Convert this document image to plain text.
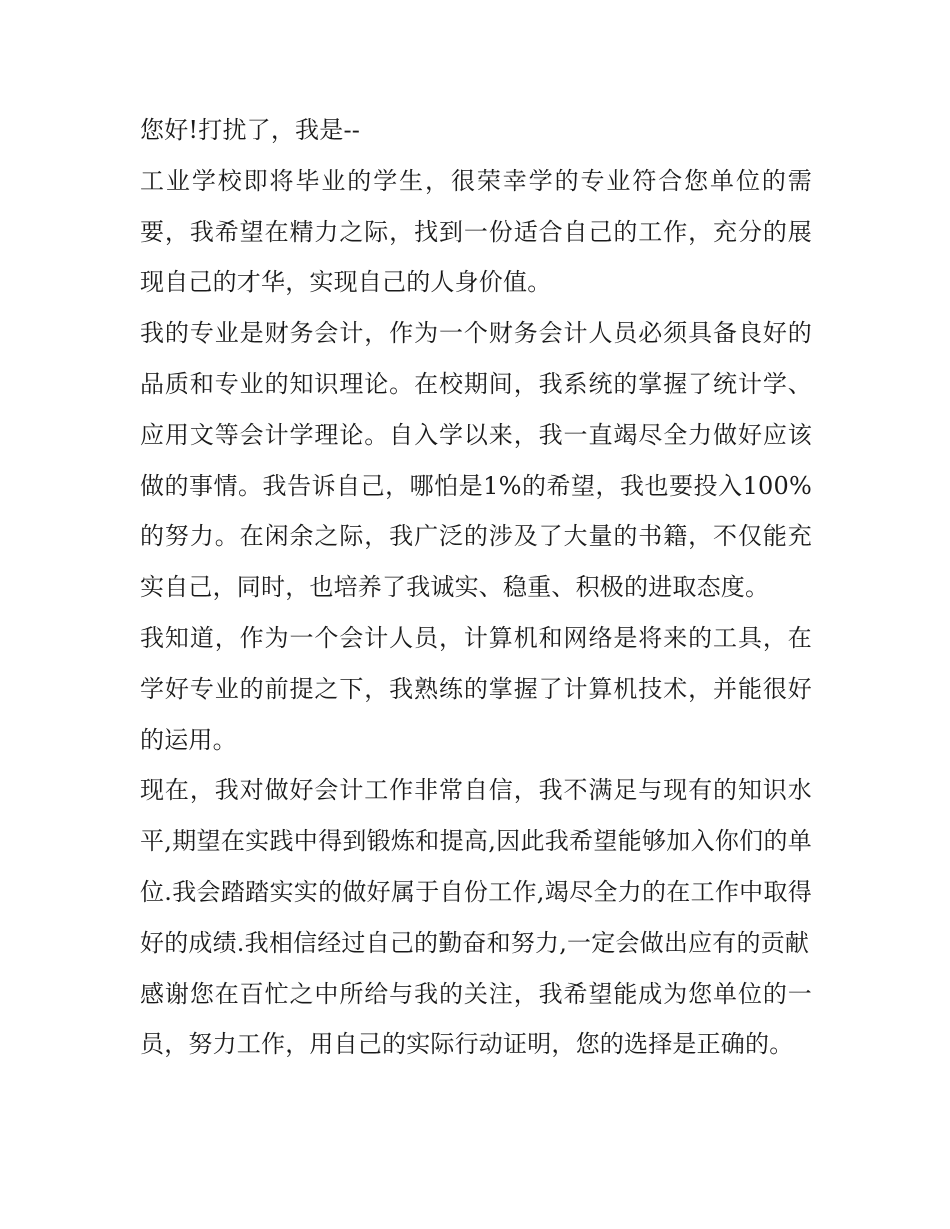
您好!打扰了，我是--

工业学校即将毕业的学生，很荣幸学的专业符合您单位的需要，我希望在精力之际，找到一份适合自己的工作，充分的展现自己的才华，实现自己的人身价值。

我的专业是财务会计，作为一个财务会计人员必须具备良好的品质和专业的知识理论。在校期间，我系统的掌握了统计学、应用文等会计学理论。自入学以来，我一直竭尽全力做好应该做的事情。我告诉自己，哪怕是1%的希望，我也要投入100%的努力。在闲余之际，我广泛的涉及了大量的书籍，不仅能充实自己，同时，也培养了我诚实、稳重、积极的进取态度。

我知道，作为一个会计人员，计算机和网络是将来的工具，在学好专业的前提之下，我熟练的掌握了计算机技术，并能很好的运用。

现在，我对做好会计工作非常自信，我不满足与现有的知识水平,期望在实践中得到锻炼和提高,因此我希望能够加入你们的单位.我会踏踏实实的做好属于自份工作,竭尽全力的在工作中取得好的成绩.我相信经过自己的勤奋和努力,一定会做出应有的贡献

感谢您在百忙之中所给与我的关注，我希望能成为您单位的一员，努力工作，用自己的实际行动证明，您的选择是正确的。
